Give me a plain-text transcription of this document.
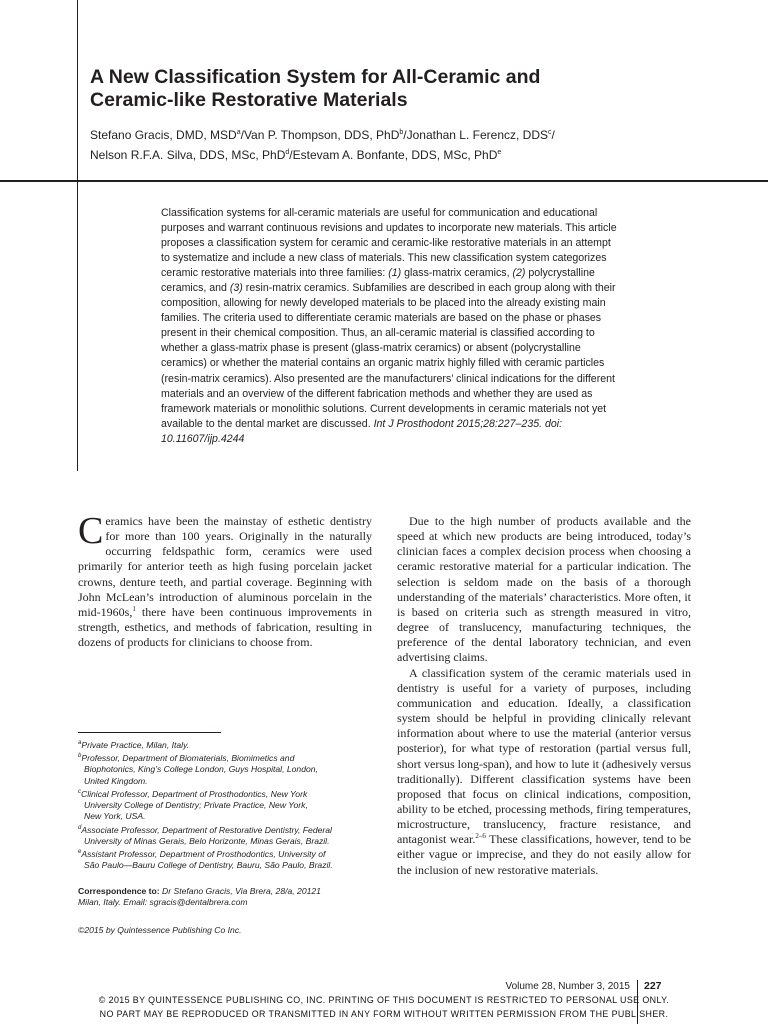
A New Classification System for All-Ceramic and
Ceramic-like Restorative Materials
Stefano Gracis, DMD, MSD$^a$/Van P. Thompson, DDS, PhD$^b$/Jonathan L. Ferencz, DDS$^c$/
Nelson R.F.A. Silva, DDS, MSc, PhD$^d$/Estevam A. Bonfante, DDS, MSc, PhD$^e$

Classification systems for all-ceramic materials are useful for communication and educational purposes and warrant continuous revisions and updates to incorporate new materials. This article proposes a classification system for ceramic and ceramic-like restorative materials in an attempt to systematize and include a new class of materials. This new classification system categorizes ceramic restorative materials into three families: (1) glass-matrix ceramics, (2) polycrystalline ceramics, and (3) resin-matrix ceramics. Subfamilies are described in each group along with their composition, allowing for newly developed materials to be placed into the already existing main families. The criteria used to differentiate ceramic materials are based on the phase or phases present in their chemical composition. Thus, an all-ceramic material is classified according to whether a glass-matrix phase is present (glass-matrix ceramics) or absent (polycrystalline ceramics) or whether the material contains an organic matrix highly filled with ceramic particles (resin-matrix ceramics). Also presented are the manufacturers’ clinical indications for the different materials and an overview of the different fabrication methods and whether they are used as framework materials or monolithic solutions. Current developments in ceramic materials not yet available to the dental market are discussed. Int J Prosthodont 2015;28:227–235. doi: 10.11607/ijp.4244

Ceramics have been the mainstay of esthetic dentistry for more than 100 years. Originally in the naturally occurring feldspathic form, ceramics were used primarily for anterior teeth as high fusing porcelain jacket crowns, denture teeth, and partial coverage. Beginning with John McLean’s introduction of aluminous porcelain in the mid-1960s,$^1$ there have been continuous improvements in strength, esthetics, and methods of fabrication, resulting in dozens of products for clinicians to choose from.

Due to the high number of products available and the speed at which new products are being introduced, today’s clinician faces a complex decision process when choosing a ceramic restorative material for a particular indication. The selection is seldom made on the basis of a thorough understanding of the materials’ characteristics. More often, it is based on criteria such as strength measured in vitro, degree of translucency, manufacturing techniques, the preference of the dental laboratory technician, and even advertising claims.

A classification system of the ceramic materials used in dentistry is useful for a variety of purposes, including communication and education. Ideally, a classification system should be helpful in providing clinically relevant information about where to use the material (anterior versus posterior), for what type of restoration (partial versus full, short versus long-span), and how to lute it (adhesively versus traditionally). Different classification systems have been proposed that focus on clinical indications, composition, ability to be etched, processing methods, firing temperatures, microstructure, translucency, fracture resistance, and antagonist wear.$^{2-6}$ These classifications, however, tend to be either vague or imprecise, and they do not easily allow for the inclusion of new restorative materials.

$^a$Private Practice, Milan, Italy.

$^b$Professor, Department of Biomaterials, Biomimetics and
Biophotonics, King’s College London, Guys Hospital, London,
United Kingdom.

$^c$Clinical Professor, Department of Prosthodontics, New York
University College of Dentistry; Private Practice, New York,
New York, USA.

$^d$Associate Professor, Department of Restorative Dentistry, Federal
University of Minas Gerais, Belo Horizonte, Minas Gerais, Brazil.

$^e$Assistant Professor, Department of Prosthodontics, University of
São Paulo—Bauru College of Dentistry, Bauru, São Paulo, Brazil.

Correspondence to: Dr Stefano Gracis, Via Brera, 28/a, 20121
Milan, Italy. Email: sgracis@dentalbrera.com
©2015 by Quintessence Publishing Co Inc.
Volume 28, Number 3, 2015 227
© 2015 BY QUINTESSENCE PUBLISHING CO, INC. PRINTING OF THIS DOCUMENT IS RESTRICTED TO PERSONAL USE ONLY.
NO PART MAY BE REPRODUCED OR TRANSMITTED IN ANY FORM WITHOUT WRITTEN PERMISSION FROM THE PUBLISHER.
